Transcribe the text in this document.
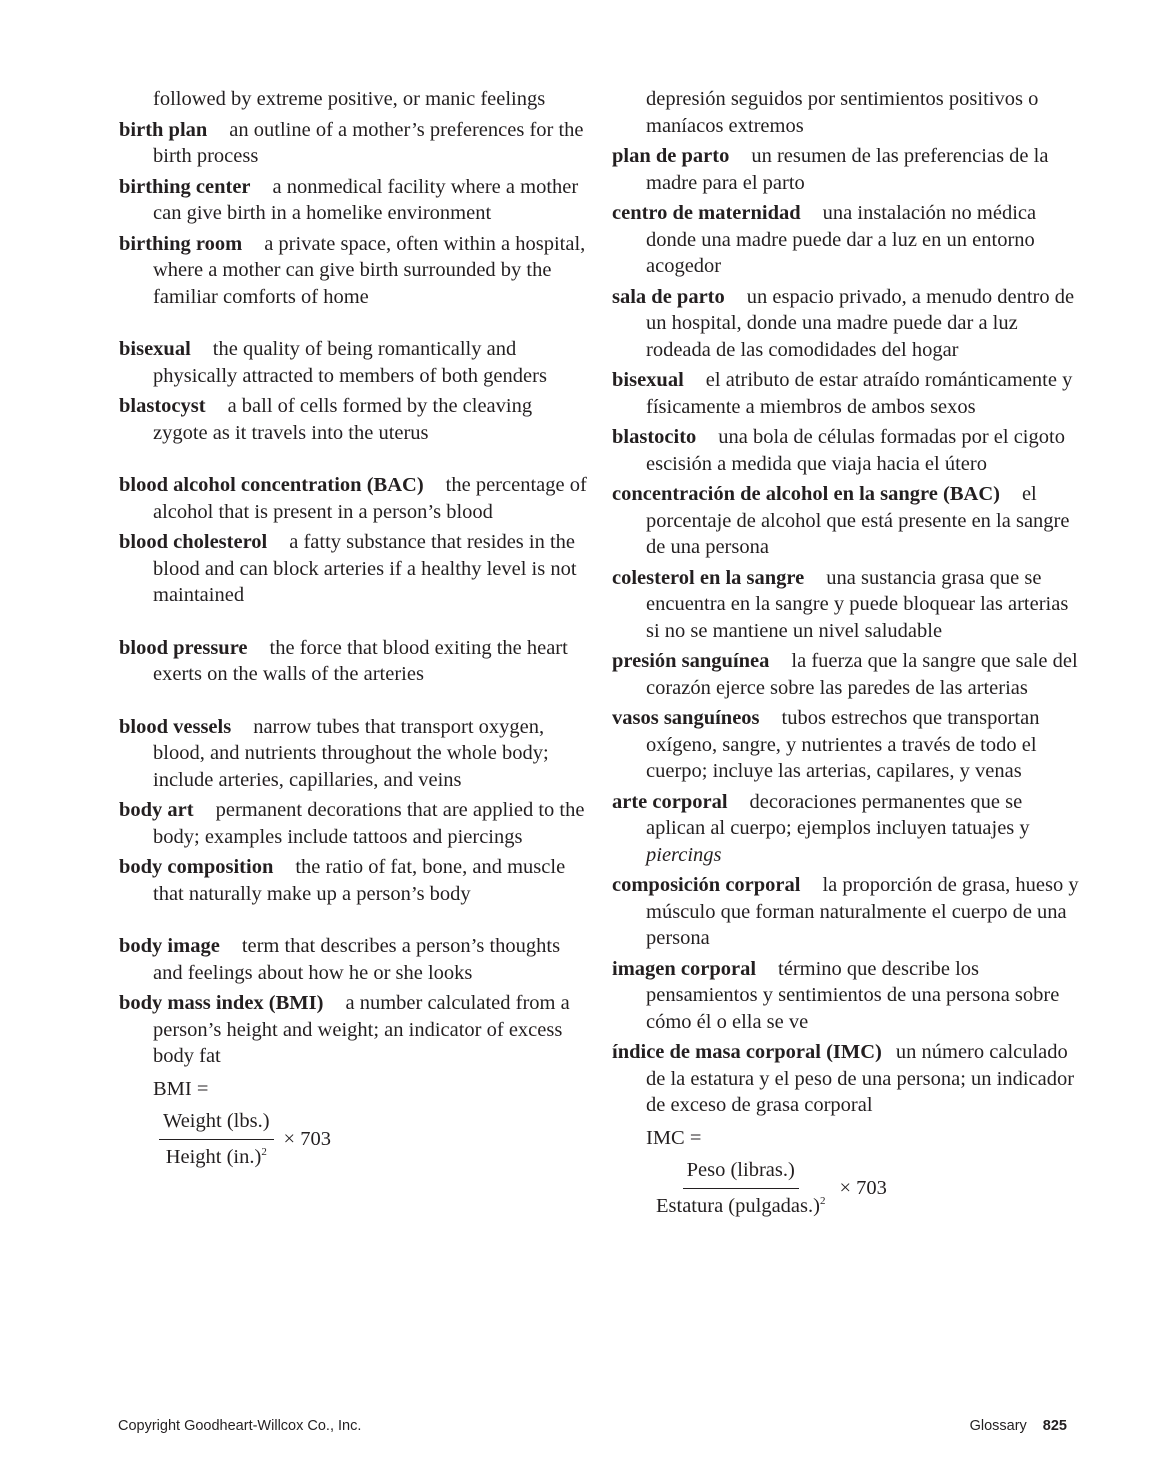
followed by extreme positive, or manic feelings

birth plan an outline of a mother’s preferences for the birth process

birthing center a nonmedical facility where a mother can give birth in a homelike environment

birthing room a private space, often within a hospital, where a mother can give birth surrounded by the familiar comforts of home

bisexual the quality of being romantically and physically attracted to members of both genders

blastocyst a ball of cells formed by the cleaving zygote as it travels into the uterus

blood alcohol concentration (BAC) the percentage of alcohol that is present in a person’s blood

blood cholesterol a fatty substance that resides in the blood and can block arteries if a healthy level is not maintained

blood pressure the force that blood exiting the heart exerts on the walls of the arteries

blood vessels narrow tubes that transport oxygen, blood, and nutrients throughout the whole body; include arteries, capillaries, and veins

body art permanent decorations that are applied to the body; examples include tattoos and piercings

body composition the ratio of fat, bone, and muscle that naturally make up a person’s body

body image term that describes a person’s thoughts and feelings about how he or she looks

body mass index (BMI) a number calculated from a person’s height and weight; an indicator of excess body fat

BMI =
$\frac{\text{Weight (lbs.)}}{Height (in.)^2} \times 703$

depresión seguidos por sentimientos positivos o maníacos extremos

plan de parto un resumen de las preferencias de la madre para el parto

centro de maternidad una instalación no médica donde una madre puede dar a luz en un entorno acogedor

sala de parto un espacio privado, a menudo dentro de un hospital, donde una madre puede dar a luz rodeada de las comodidades del hogar

bisexual el atributo de estar atraído románticamente y físicamente a miembros de ambos sexos

blastocito una bola de células formadas por el cigoto escisión a medida que viaja hacia el útero

concentración de alcohol en la sangre (BAC) el porcentaje de alcohol que está presente en la sangre de una persona

colesterol en la sangre una sustancia grasa que se encuentra en la sangre y puede bloquear las arterias si no se mantiene un nivel saludable

presión sanguínea la fuerza que la sangre que sale del corazón ejerce sobre las paredes de las arterias

vasos sanguíneos tubos estrechos que transportan oxígeno, sangre, y nutrientes a través de todo el cuerpo; incluye las arterias, capilares, y venas

arte corporal decoraciones permanentes que se aplican al cuerpo; ejemplos incluyen tatuajes y piercings

composición corporal la proporción de grasa, hueso y músculo que forman naturalmente el cuerpo de una persona

imagen corporal término que describe los pensamientos y sentimientos de una persona sobre cómo él o ella se ve

índice de masa corporal (IMC) un número calculado de la estatura y el peso de una persona; un indicador de exceso de grasa corporal

IMC =
$\frac{\text{Peso (libras.)}}{Estatura (pulgadas.)^2} \times 703$
Copyright Goodheart-Willcox Co., Inc.	Glossary 825
